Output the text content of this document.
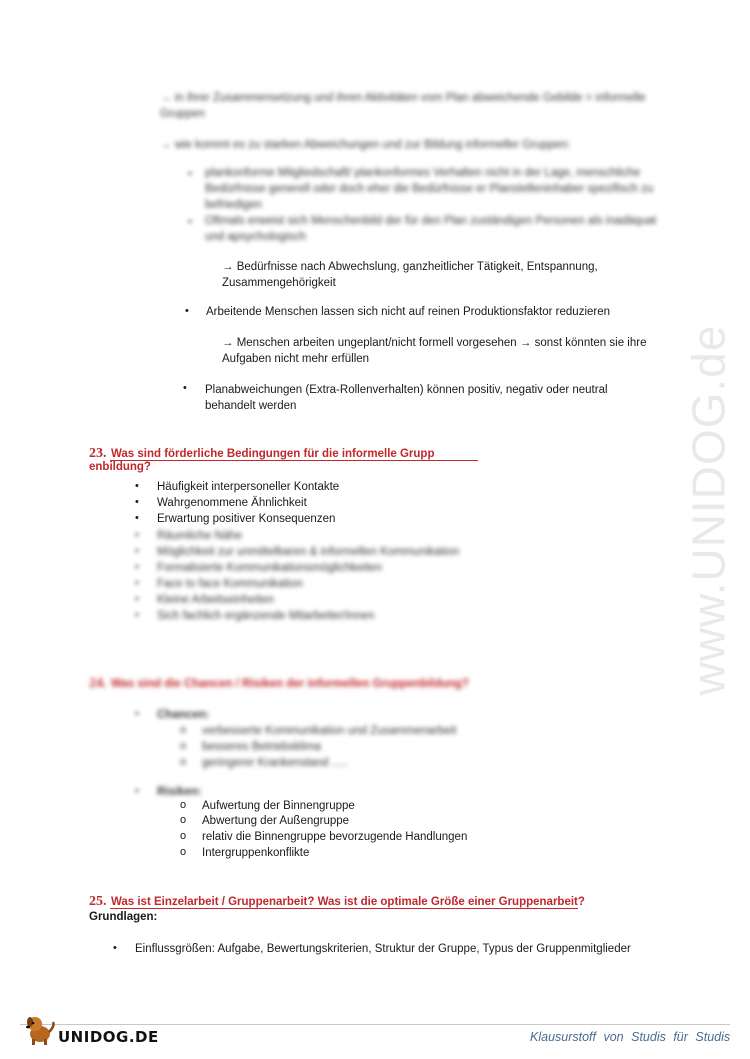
www.UNIDOG.de
→ in ihrer Zusammensetzung und ihren Aktivitäten vom Plan abweichende Gebilde = informelle Gruppen
→ wie kommt es zu starken Abweichungen und zur Bildung informeller Gruppen:
• plankonforme Mitgliedschaft/ plankonformes Verhalten nicht in der Lage, menschliche Bedürfnisse generell oder doch eher die Bedürfnisse er Planstelleninhaber spezifisch zu befriedigen
• Oftmals erweist sich Menschenbild der für den Plan zuständigen Personen als inadäquat und apsychologisch
→ Bedürfnisse nach Abwechslung, ganzheitlicher Tätigkeit, Entspannung,
Zusammengehörigkeit
• Arbeitende Menschen lassen sich nicht auf reinen Produktionsfaktor reduzieren
→ Menschen arbeiten ungeplant/nicht formell vorgesehen → sonst könnten sie ihre
Aufgaben nicht mehr erfüllen
• Planabweichungen (Extra-Rollenverhalten) können positiv, negativ oder neutral
behandelt werden
23. Was sind förderliche Bedingungen für die informelle Grupp
enbildung?
• Häufigkeit interpersoneller Kontakte
• Wahrgenommene Ähnlichkeit
• Erwartung positiver Konsequenzen
• Räumliche Nähe
• Möglichkeit zur unmittelbaren & informellen Kommunikation
• Formalisierte Kommunikationsmöglichkeiten
• Face to face Kommunikation
• Kleine Arbeitseinheiten
• Sich fachlich ergänzende Mitarbeiter/innen
24. Was sind die Chancen / Risiken der informellen Gruppenbildung?
• Chancen:
o verbesserte Kommunikation und Zusammenarbeit
o besseres Betriebsklima
o geringerer Krankenstand .....
• Risiken:
o Aufwertung der Binnengruppe
o Abwertung der Außengruppe
o relativ die Binnengruppe bevorzugende Handlungen
o Intergruppenkonflikte
25. Was ist Einzelarbeit / Gruppenarbeit? Was ist die optimale Größe einer Gruppenarbeit?
Grundlagen:
• Einflussgrößen: Aufgabe, Bewertungskriterien, Struktur der Gruppe, Typus der Gruppenmitglieder
UNIDOG.DE	Klausurstoff von Studis für Studis
